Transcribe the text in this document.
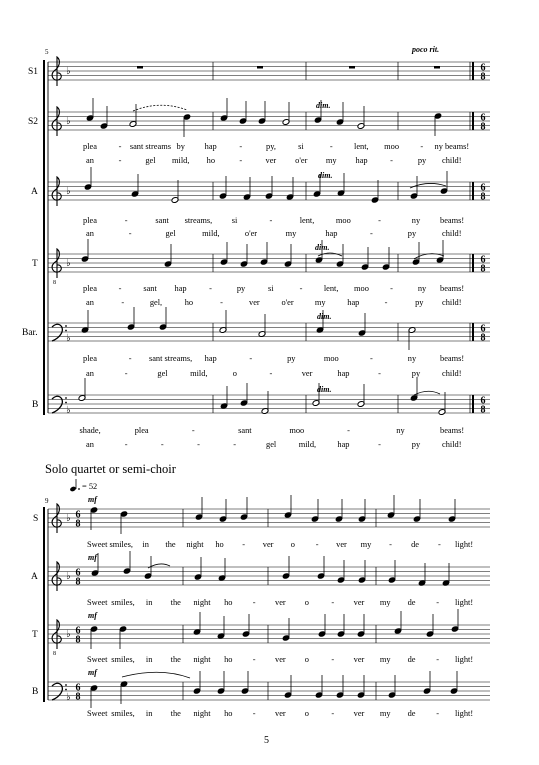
♭	6
8
♭	6
8
♭	6
8
8
♭	6
8
♭
6
8
♭
6
8
♭ 6
8
♭ 6
8
8
♭ 6
8
♭
6
8
5	poco rit.
S1
S2
A
T
Bar.
B
dim.
dim.
dim.
dim.
dim.
plea	- sant streams by hap	-	py,	si	-	lent, moo	- ny beams!
an	-	gel mild, ho	-	ver o'er my hap	-	py child!
plea	-	sant streams, si	-	lent,	moo	-	ny beams!
an	-	gel	mild,	o'er	my	hap	-	py	child!
plea	-	sant hap	-	py	si	-	lent, moo	-	ny beams!
an	-	gel,	ho	-	ver	o'er	my	hap	-	py child!
plea	- sant streams, hap	-	py	moo	-	ny	beams!
an	-	gel	mild,	o	-	ver	hap	-	py	child!
shade,	plea	-	sant	moo	-	ny	beams!
an	-	-	-	-	gel	mild,	hap	-	py	child!
Solo quartet or semi-choir
= 52
9
S
mf
Sweet smiles, in the night ho - ver o - ver my - de - light!
A
mf
Sweet smiles, in the night ho - ver o	- ver my de - light!
T
mf
Sweet smiles, in the night ho - ver o	- ver my de - light!
B
mf
Sweet smiles, in the night ho - ver o	- ver my de - light!
5
